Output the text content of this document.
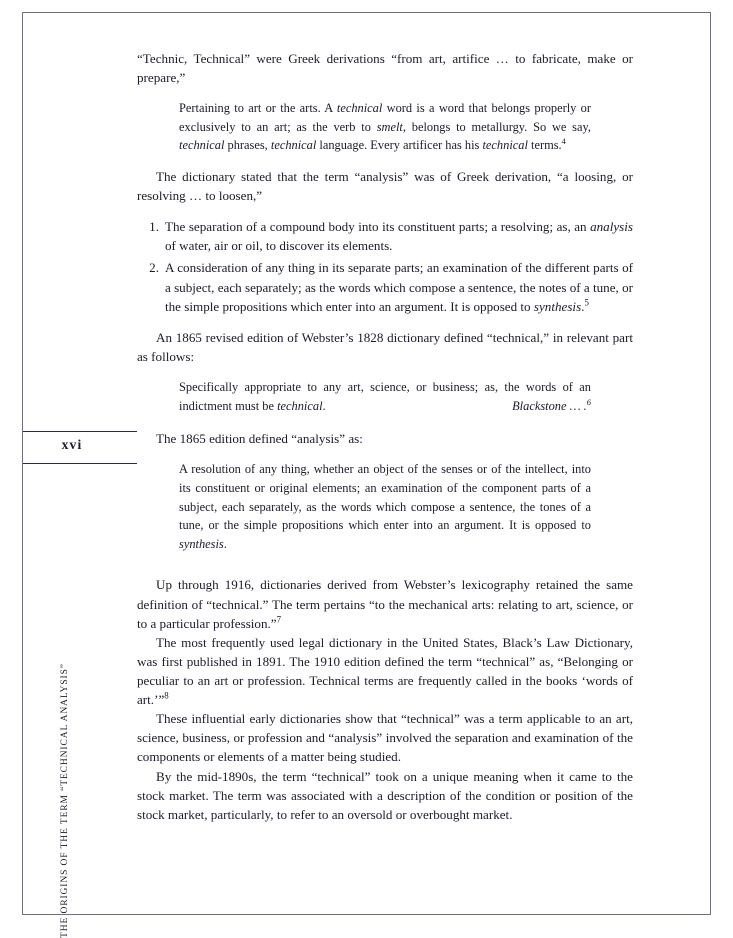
xvi
THE ORIGINS OF THE TERM “TECHNICAL ANALYSIS”

“Technic, Technical” were Greek derivations “from art, artifice … to fabricate, make or prepare,”

Pertaining to art or the arts. A technical word is a word that belongs properly or exclusively to an art; as the verb to smelt, belongs to metallurgy. So we say, technical phrases, technical language. Every artificer has his technical terms.$^4$

The dictionary stated that the term “analysis” was of Greek derivation, “a loosing, or resolving … to loosen,”

1. The separation of a compound body into its constituent parts; a resolving; as, an analysis of water, air or oil, to discover its elements.
2. A consideration of any thing in its separate parts; an examination of the different parts of a subject, each separately; as the words which compose a sentence, the notes of a tune, or the simple propositions which enter into an argument. It is opposed to synthesis.$^5$

An 1865 revised edition of Webster’s 1828 dictionary defined “technical,” in relevant part as follows:

Specifically appropriate to any art, science, or business; as, the words of an indictment must be technical.	Blackstone … .$^6$

The 1865 edition defined “analysis” as:

A resolution of any thing, whether an object of the senses or of the intellect, into its constituent or original elements; an examination of the component parts of a subject, each separately, as the words which compose a sentence, the tones of a tune, or the simple propositions which enter into an argument. It is opposed to synthesis.

Up through 1916, dictionaries derived from Webster’s lexicography retained the same definition of “technical.” The term pertains “to the mechanical arts: relating to art, science, or to a particular profession.”$^7$

The most frequently used legal dictionary in the United States, Black’s Law Dictionary, was first published in 1891. The 1910 edition defined the term “technical” as, “Belonging or peculiar to an art or profession. Technical terms are frequently called in the books ‘words of art.’”$^8$

These influential early dictionaries show that “technical” was a term applicable to an art, science, business, or profession and “analysis” involved the separation and examination of the components or elements of a matter being studied.

By the mid-1890s, the term “technical” took on a unique meaning when it came to the stock market. The term was associated with a description of the condition or position of the stock market, particularly, to refer to an oversold or overbought market.
